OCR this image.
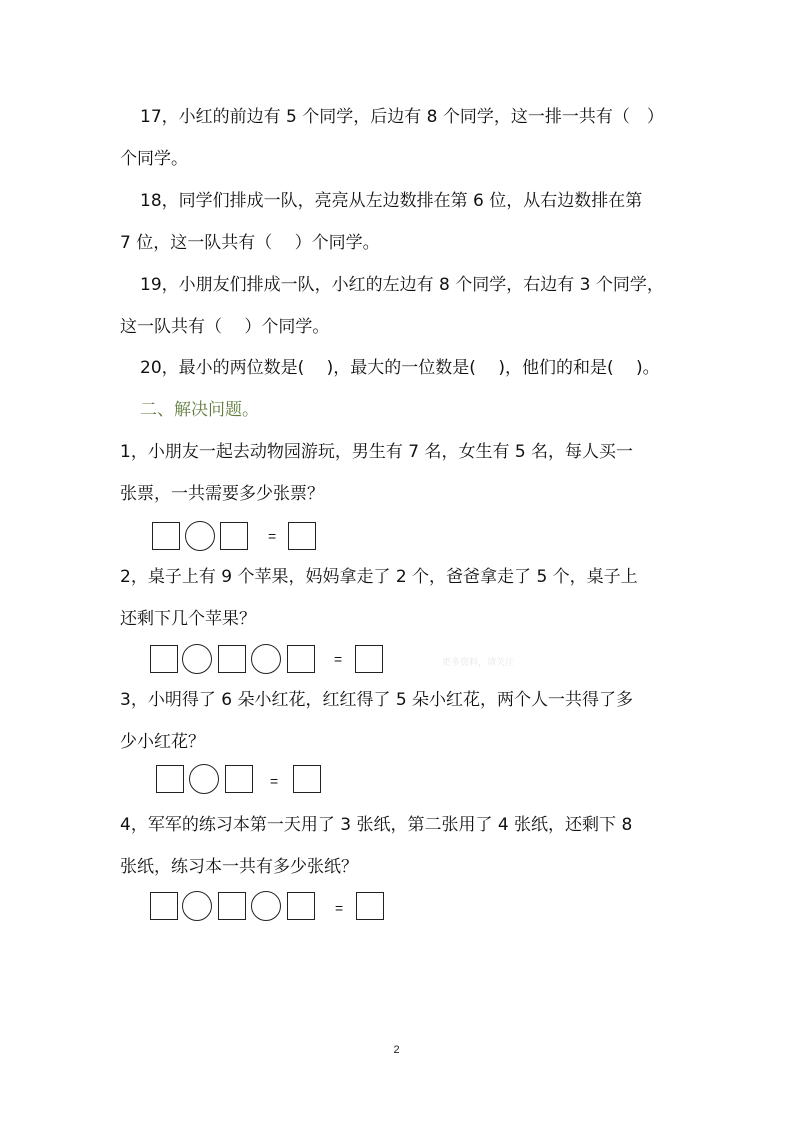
17，小红的前边有 5 个同学，后边有 8 个同学，这一排一共有（　）
个同学。
18，同学们排成一队，亮亮从左边数排在第 6 位，从右边数排在第
7 位，这一队共有（　 ）个同学。
19，小朋友们排成一队，小红的左边有 8 个同学，右边有 3 个同学，
这一队共有（　 ）个同学。
20，最小的两位数是(　 )，最大的一位数是(　 )，他们的和是(　 )。
二、解决问题。
1，小朋友一起去动物园游玩，男生有 7 名，女生有 5 名，每人买一
张票，一共需要多少张票？
=
2，桌子上有 9 个苹果，妈妈拿走了 2 个，爸爸拿走了 5 个，桌子上
还剩下几个苹果？
=	更多资料，请关注
3，小明得了 6 朵小红花，红红得了 5 朵小红花，两个人一共得了多
少小红花？
=
4，军军的练习本第一天用了 3 张纸，第二张用了 4 张纸，还剩下 8
张纸，练习本一共有多少张纸？
=
2
